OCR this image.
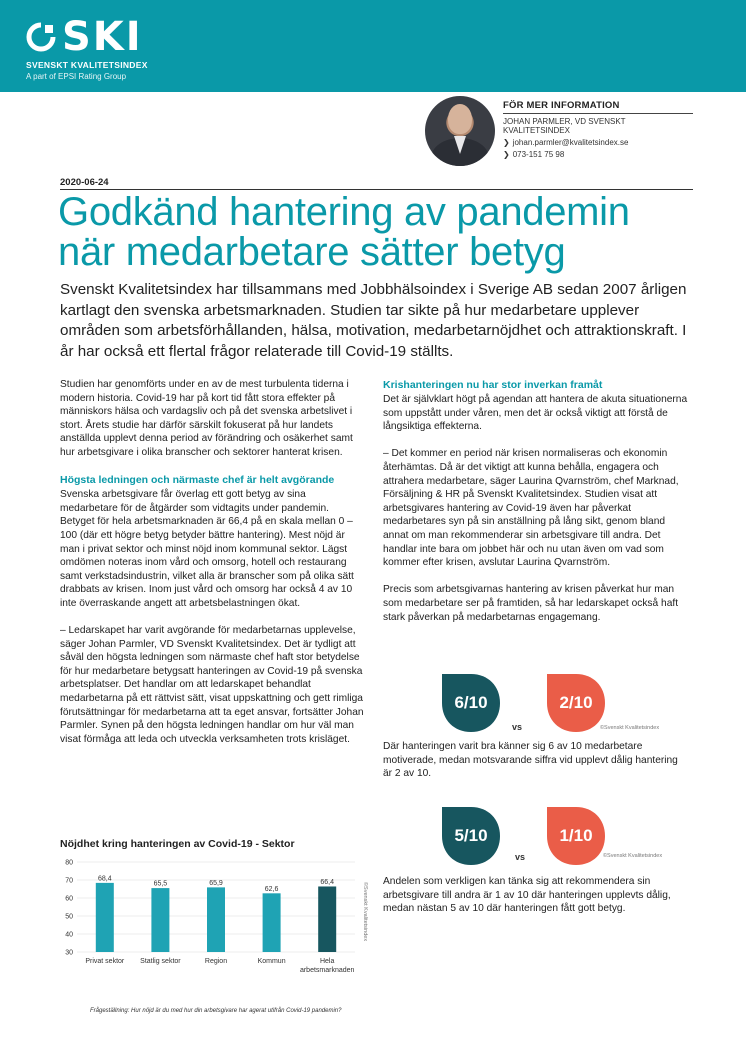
SKI
SVENSKT KVALITETSINDEX
A part of EPSI Rating Group
FÖR MER INFORMATION
JOHAN PARMLER, VD SVENSKT KVALITETSINDEX
❯ johan.parmler@kvalitetsindex.se
❯ 073-151 75 98
2020-06-24
Godkänd hantering av pandemin
när medarbetare sätter betyg

Svenskt Kvalitetsindex har tillsammans med Jobbhälsoindex i Sverige AB sedan 2007 årligen kartlagt den svenska arbetsmarknaden. Studien tar sikte på hur medarbetare upplever områden som arbetsförhållanden, hälsa, motivation, medarbetarnöjdhet och attraktionskraft. I år har också ett flertal frågor relaterade till Covid-19 ställts.

Studien har genomförts under en av de mest turbulenta tiderna i modern historia. Covid-19 har på kort tid fått stora effekter på människors hälsa och vardagsliv och på det svenska arbetslivet i stort. Årets studie har därför särskilt fokuserat på hur landets anställda upplevt denna period av förändring och osäkerhet samt hur arbetsgivare i olika branscher och sektorer hanterat krisen.

Högsta ledningen och närmaste chef är helt avgörande

Svenska arbetsgivare får överlag ett gott betyg av sina medarbetare för de åtgärder som vidtagits under pandemin. Betyget för hela arbetsmarknaden är 66,4 på en skala mellan 0 – 100 (där ett högre betyg betyder bättre hantering). Mest nöjd är man i privat sektor och minst nöjd inom kommunal sektor. Lägst omdömen noteras inom vård och omsorg, hotell och restaurang samt verkstadsindustrin, vilket alla är branscher som på olika sätt drabbats av krisen. Inom just vård och omsorg har också 4 av 10 inte överraskande angett att arbetsbelastningen ökat.

– Ledarskapet har varit avgörande för medarbetarnas upplevelse, säger Johan Parmler, VD Svenskt Kvalitetsindex. Det är tydligt att såväl den högsta ledningen som närmaste chef haft stor betydelse för hur medarbetare betygsatt hanteringen av Covid-19 på svenska arbetsplatser. Det handlar om att ledarskapet behandlat medarbetarna på ett rättvist sätt, visat uppskattning och gett rimliga förutsättningar för medarbetarna att ta eget ansvar, fortsätter Johan Parmler. Synen på den högsta ledningen handlar om hur väl man visat förmåga att leda och utveckla verksamheten trots krisläget.

Krishanteringen nu har stor inverkan framåt

Det är självklart högt på agendan att hantera de akuta situationerna som uppstått under våren, men det är också viktigt att förstå de långsiktiga effekterna.

– Det kommer en period när krisen normaliseras och ekonomin återhämtas. Då är det viktigt att kunna behålla, engagera och attrahera medarbetare, säger Laurina Qvarnström, chef Marknad, Försäljning & HR på Svenskt Kvalitetsindex. Studien visat att arbetsgivares hantering av Covid-19 även har påverkat medarbetares syn på sin anställning på lång sikt, genom bland annat om man rekommenderar sin arbetsgivare till andra. Det handlar inte bara om jobbet här och nu utan även om vad som kommer efter krisen, avslutar Laurina Qvarnström.

Precis som arbetsgivarnas hantering av krisen påverkat hur man som medarbetare ser på framtiden, så har ledarskapet också haft stark påverkan på medarbetarnas engagemang.

6/10
vs
2/10
©Svenskt Kvalitetsindex

Där hanteringen varit bra känner sig 6 av 10 medarbetare motiverade, medan motsvarande siffra vid upplevt dålig hantering är 2 av 10.

5/10
vs
1/10
©Svenskt Kvalitetsindex

Andelen som verkligen kan tänka sig att rekommendera sin arbetsgivare till andra är 1 av 10 där hanteringen upplevts dålig, medan nästan 5 av 10 där hanteringen fått gott betyg.

Nöjdhet kring hanteringen av Covid-19 - Sektor
30
40
50
60
70
80
68,4
Privat sektor
65,5
Statlig sektor
65,9
Region
62,6
Kommun
66,4
Hela
arbetsmarknaden
©Svenskt Kvalitetsindex
Frågeställning: Hur nöjd är du med hur din arbetsgivare har agerat utifrån Covid-19 pandemin?
